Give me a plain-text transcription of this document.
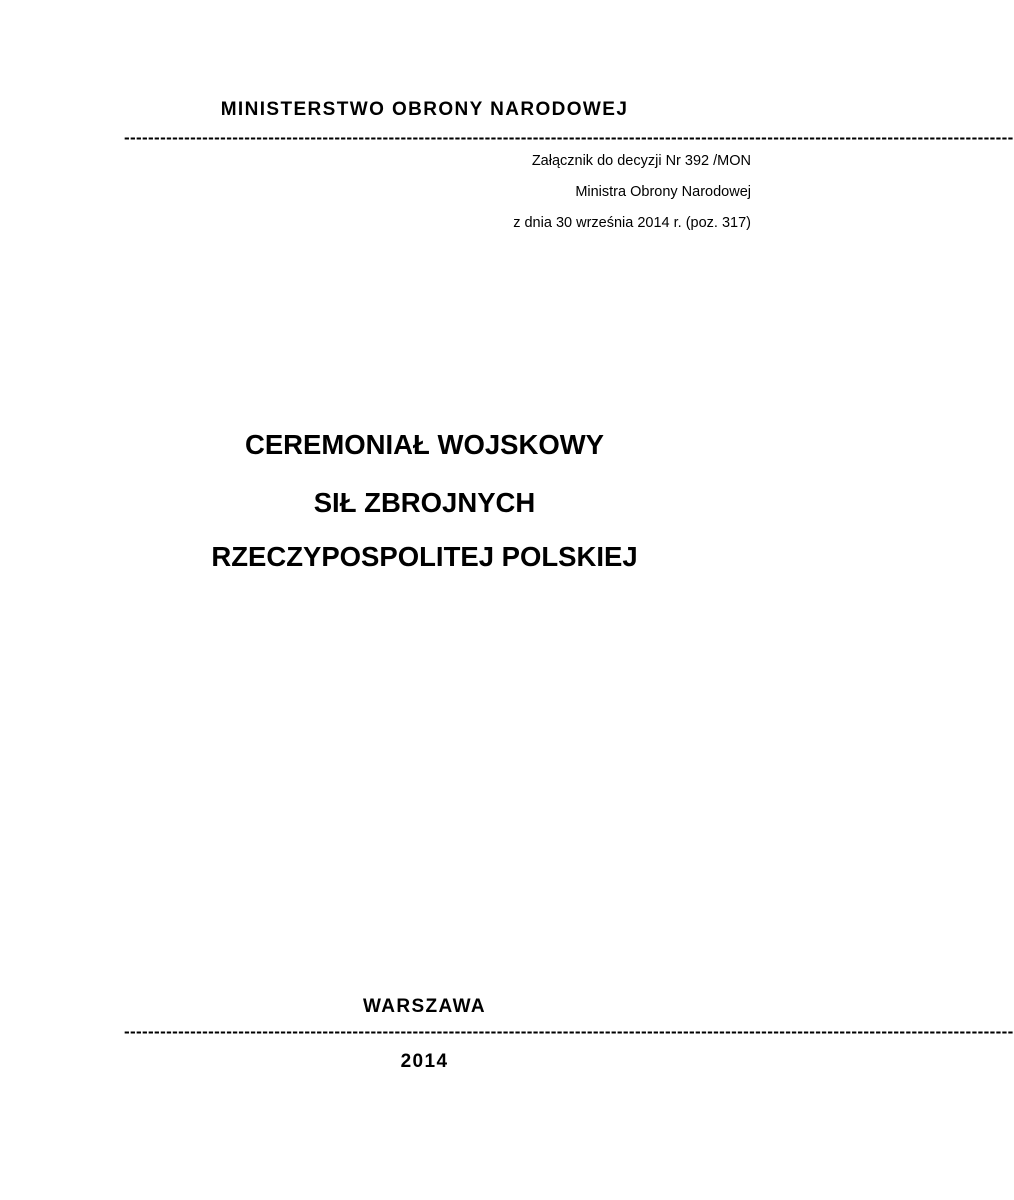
MINISTERSTWO OBRONY NARODOWEJ
----------------------------------------------------------------------------------------------------------------------------------------------------
Załącznik do decyzji Nr 392 /MON
Ministra Obrony Narodowej
z dnia 30 września 2014 r. (poz. 317)
CEREMONIAŁ WOJSKOWY
SIŁ ZBROJNYCH
RZECZYPOSPOLITEJ POLSKIEJ
WARSZAWA
----------------------------------------------------------------------------------------------------------------------------------------------------
2014
